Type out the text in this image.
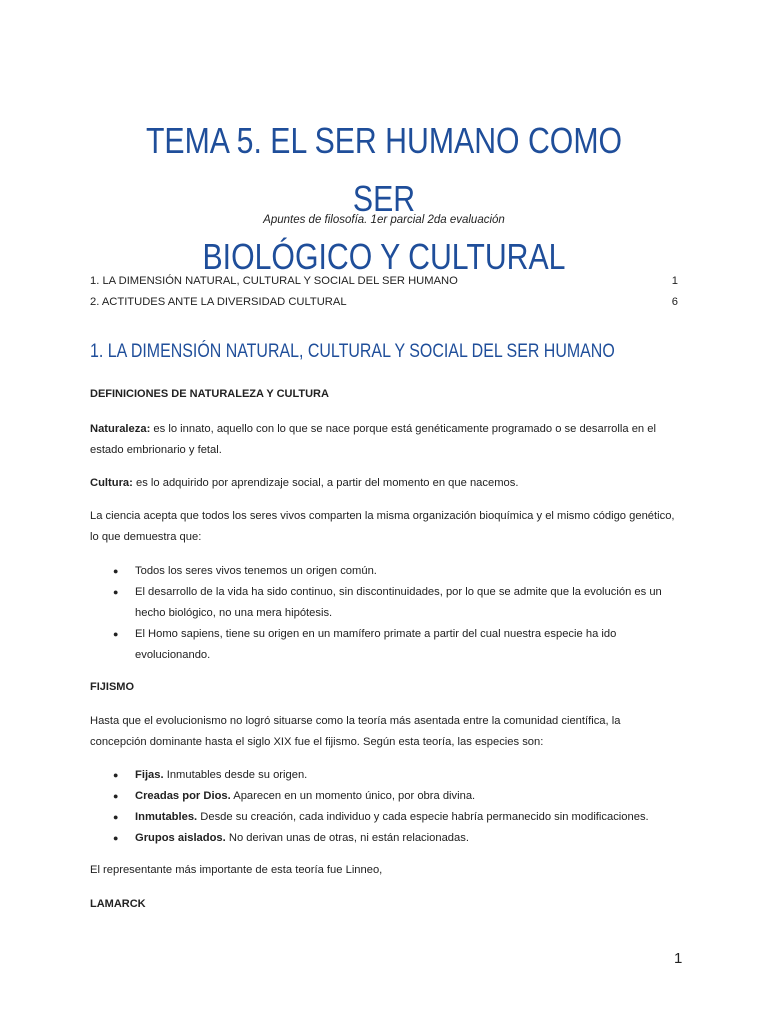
TEMA 5. EL SER HUMANO COMO SER
BIOLÓGICO Y CULTURAL
Apuntes de filosofía. 1er parcial 2da evaluación
1. LA DIMENSIÓN NATURAL, CULTURAL Y SOCIAL DEL SER HUMANO	1
2. ACTITUDES ANTE LA DIVERSIDAD CULTURAL	6
1. LA DIMENSIÓN NATURAL, CULTURAL Y SOCIAL DEL SER HUMANO

DEFINICIONES DE NATURALEZA Y CULTURA

Naturaleza: es lo innato, aquello con lo que se nace porque está genéticamente programado o se desarrolla en el estado embrionario y fetal.

Cultura: es lo adquirido por aprendizaje social, a partir del momento en que nacemos.

La ciencia acepta que todos los seres vivos comparten la misma organización bioquímica y el mismo código genético, lo que demuestra que:

● Todos los seres vivos tenemos un origen común.
● El desarrollo de la vida ha sido continuo, sin discontinuidades, por lo que se admite que la evolución es un hecho biológico, no una mera hipótesis.
● El Homo sapiens, tiene su origen en un mamífero primate a partir del cual nuestra especie ha ido evolucionando.

FIJISMO

Hasta que el evolucionismo no logró situarse como la teoría más asentada entre la comunidad científica, la concepción dominante hasta el siglo XIX fue el fijismo. Según esta teoría, las especies son:

● Fijas. Inmutables desde su origen.
● Creadas por Dios. Aparecen en un momento único, por obra divina.
● Inmutables. Desde su creación, cada individuo y cada especie habría permanecido sin modificaciones.
● Grupos aislados. No derivan unas de otras, ni están relacionadas.

El representante más importante de esta teoría fue Linneo,

LAMARCK

1
